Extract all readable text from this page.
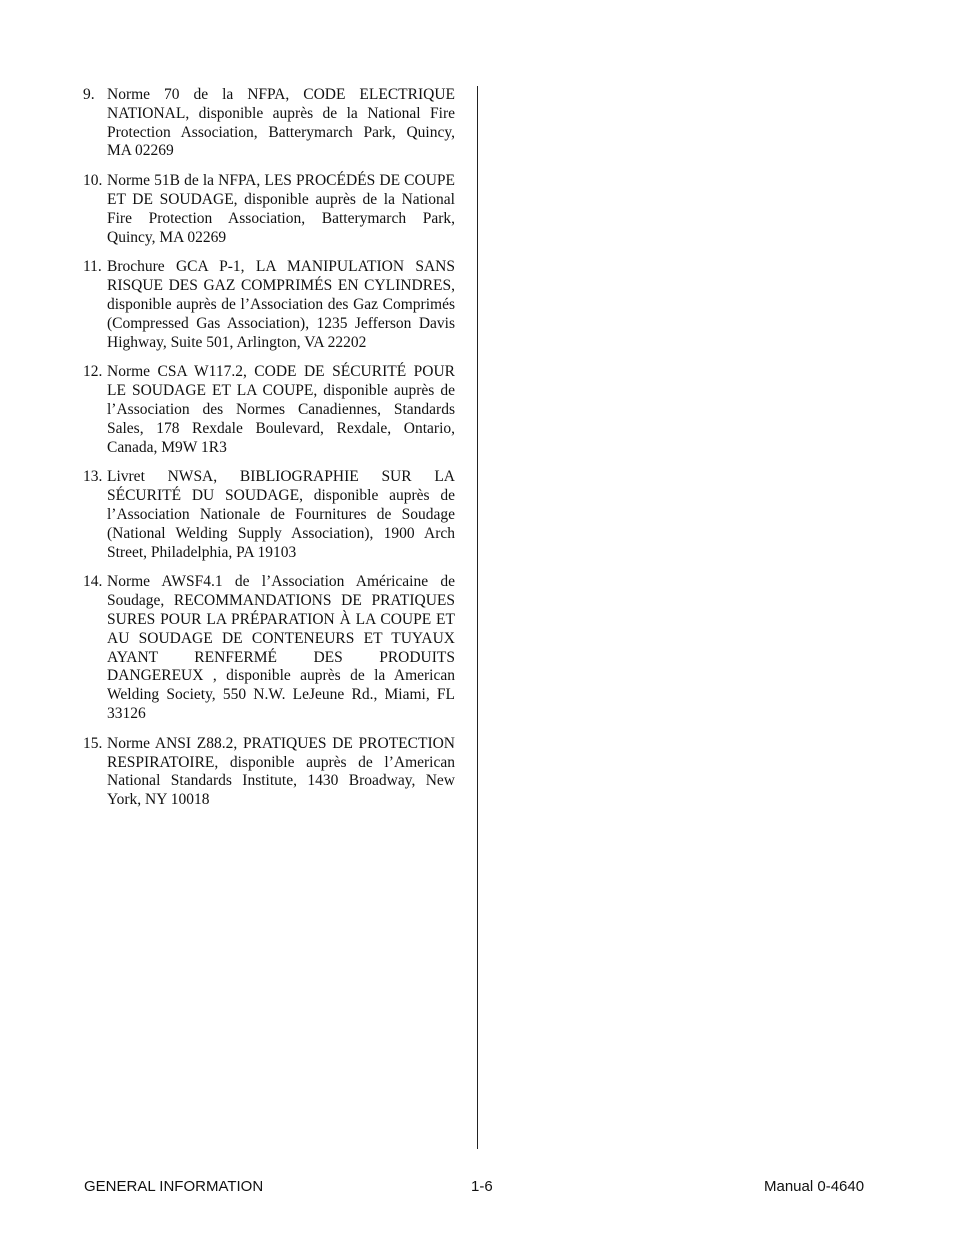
9. Norme 70 de la NFPA, CODE ELECTRIQUE NATIONAL, disponible auprès de la National Fire Protection Association, Batterymarch Park, Quincy, MA 02269
10. Norme 51B de la NFPA, LES PROCÉDÉS DE COUPE ET DE SOUDAGE, disponible auprès de la National Fire Protection Association, Batterymarch Park, Quincy, MA 02269
11. Brochure GCA P-1, LA MANIPULATION SANS RISQUE DES GAZ COMPRIMÉS EN CYLINDRES, disponible auprès de l’Association des Gaz Comprimés (Compressed Gas Association), 1235 Jefferson Davis Highway, Suite 501, Arlington, VA 22202
12. Norme CSA W117.2, CODE DE SÉCURITÉ POUR LE SOUDAGE ET LA COUPE, disponible auprès de l’Association des Normes Canadiennes, Standards Sales, 178 Rexdale Boulevard, Rexdale, Ontario, Canada, M9W 1R3
13. Livret NWSA, BIBLIOGRAPHIE SUR LA SÉCURITÉ DU SOUDAGE, disponible auprès de l’Association Nationale de Fournitures de Soudage (National Welding Supply Association), 1900 Arch Street, Philadelphia, PA 19103
14. Norme AWSF4.1 de l’Association Américaine de Soudage, RECOMMANDATIONS DE PRATIQUES SURES POUR LA PRÉPARATION À LA COUPE ET AU SOUDAGE DE CONTENEURS ET TUYAUX AYANT RENFERMÉ DES PRODUITS DANGEREUX , disponible auprès de la American Welding Society, 550 N.W. LeJeune Rd., Miami, FL 33126
15. Norme ANSI Z88.2, PRATIQUES DE PROTECTION RESPIRATOIRE, disponible auprès de l’American National Standards Institute, 1430 Broadway, New York, NY 10018
GENERAL INFORMATION	1-6	Manual 0-4640
